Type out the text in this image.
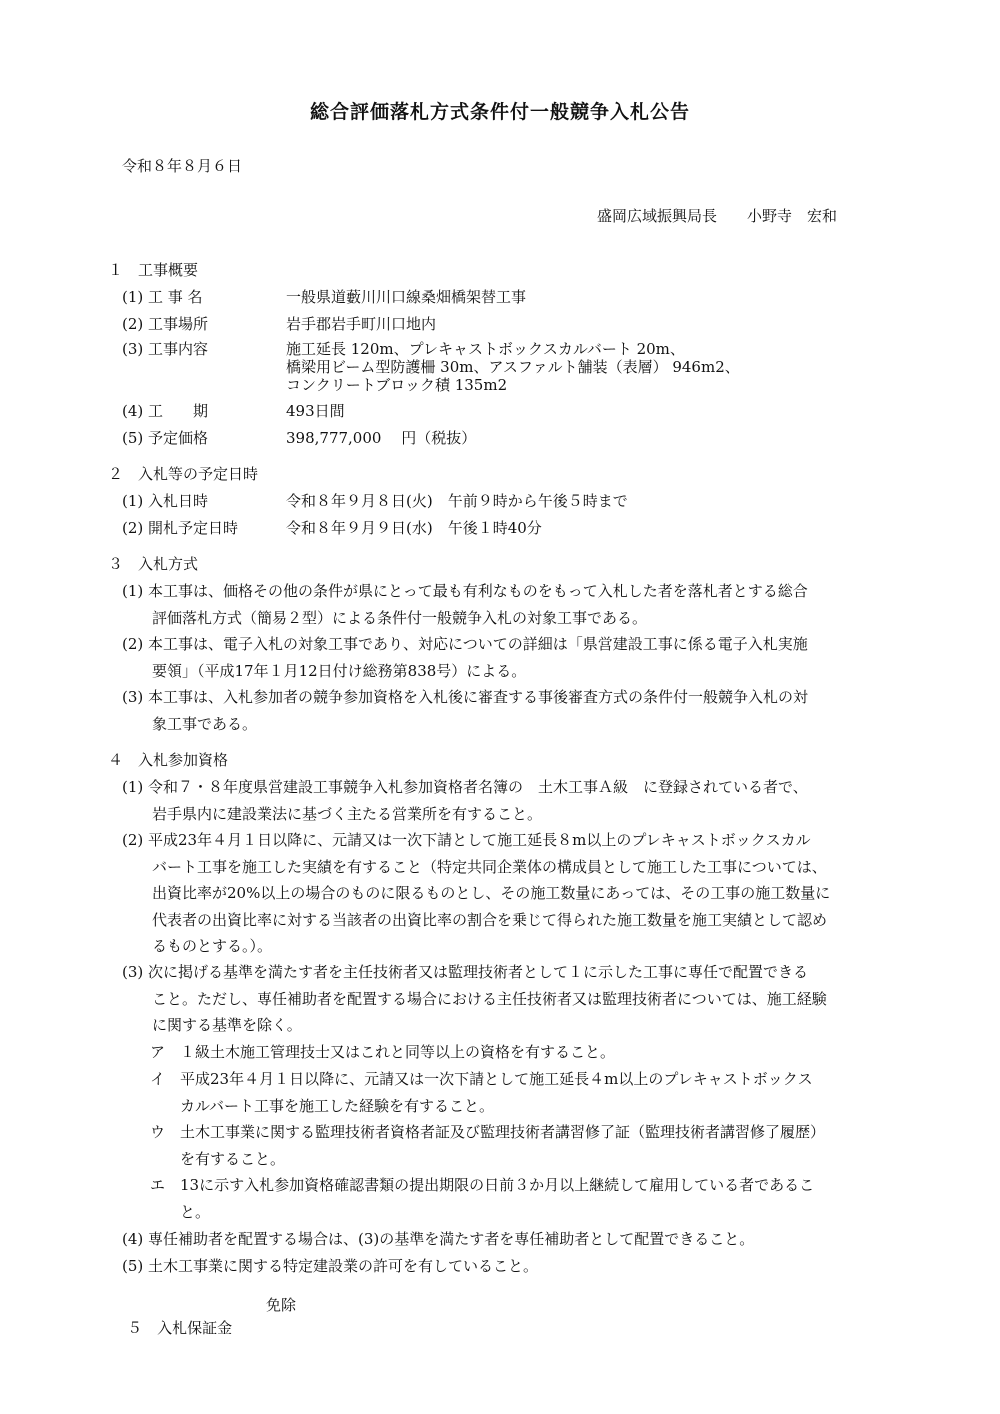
総合評価落札方式条件付一般競争入札公告
令和８年８月６日
盛岡広域振興局長　　小野寺　宏和
１　工事概要

(1) 工 事 名

	一般県道藪川川口線桑畑橋架替工事

(2) 工事場所

	岩手郡岩手町川口地内

(3) 工事内容

	施工延長 120m、プレキャストボックスカルバート 20m、
橋梁用ビーム型防護柵 30m、アスファルト舗装（表層） 946m2、
コンクリートブロック積 135m2

(4) 工　　期

	493日間

(5) 予定価格

	398,777,000　 円（税抜）

２　入札等の予定日時

(1) 入札日時

	令和８年９月８日(火)　午前９時から午後５時まで

(2) 開札予定日時

	令和８年９月９日(水)　午後１時40分

３　入札方式
(1) 本工事は、価格その他の条件が県にとって最も有利なものをもって入札した者を落札者とする総合
　　評価落札方式（簡易２型）による条件付一般競争入札の対象工事である。
(2) 本工事は、電子入札の対象工事であり、対応についての詳細は「県営建設工事に係る電子入札実施
　　要領」（平成17年１月12日付け総務第838号）による。
(3) 本工事は、入札参加者の競争参加資格を入札後に審査する事後審査方式の条件付一般競争入札の対
　　象工事である。
４　入札参加資格
(1) 令和７・８年度県営建設工事競争入札参加資格者名簿の　土木工事Ａ級　に登録されている者で、
　　岩手県内に建設業法に基づく主たる営業所を有すること。
(2) 平成23年４月１日以降に、元請又は一次下請として施工延長８m以上のプレキャストボックスカル
　　バート工事を施工した実績を有すること（特定共同企業体の構成員として施工した工事については、
　　出資比率が20%以上の場合のものに限るものとし、その施工数量にあっては、その工事の施工数量に
　　代表者の出資比率に対する当該者の出資比率の割合を乗じて得られた施工数量を施工実績として認め
　　るものとする。）。
(3) 次に掲げる基準を満たす者を主任技術者又は監理技術者として１に示した工事に専任で配置できる
　　こと。ただし、専任補助者を配置する場合における主任技術者又は監理技術者については、施工経験
　　に関する基準を除く。
ア　１級土木施工管理技士又はこれと同等以上の資格を有すること。
イ　平成23年４月１日以降に、元請又は一次下請として施工延長４m以上のプレキャストボックス
　　カルバート工事を施工した経験を有すること。
ウ　土木工事業に関する監理技術者資格者証及び監理技術者講習修了証（監理技術者講習修了履歴）
　　を有すること。
エ　13に示す入札参加資格確認書類の提出期限の日前３か月以上継続して雇用している者であるこ
　　と。
(4) 専任補助者を配置する場合は、(3)の基準を満たす者を専任補助者として配置できること。
(5) 土木工事業に関する特定建設業の許可を有していること。

５　入札保証金

免除
